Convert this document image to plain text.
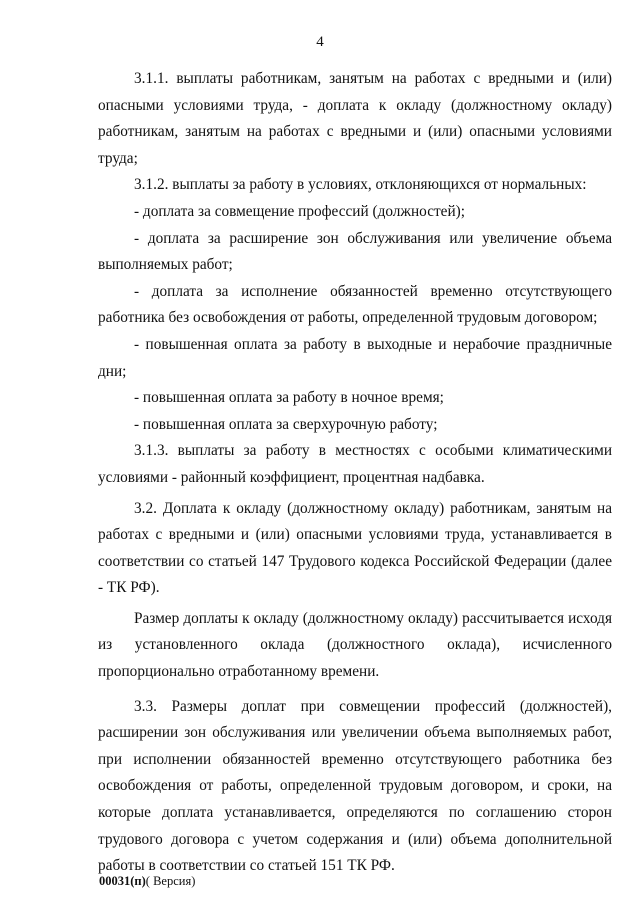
4

3.1.1. выплаты работникам, занятым на работах с вредными и (или) опасными условиями труда, - доплата к окладу (должностному окладу) работникам, занятым на работах с вредными и (или) опасными условиями труда;

3.1.2. выплаты за работу в условиях, отклоняющихся от нормальных:

- доплата за совмещение профессий (должностей);

- доплата за расширение зон обслуживания или увеличение объема выполняемых работ;

- доплата за исполнение обязанностей временно отсутствующего работника без освобождения от работы, определенной трудовым договором;

- повышенная оплата за работу в выходные и нерабочие праздничные дни;

- повышенная оплата за работу в ночное время;

- повышенная оплата за сверхурочную работу;

3.1.3. выплаты за работу в местностях с особыми климатическими условиями - районный коэффициент, процентная надбавка.

3.2. Доплата к окладу (должностному окладу) работникам, занятым на работах с вредными и (или) опасными условиями труда, устанавливается в соответствии со статьей 147 Трудового кодекса Российской Федерации (далее - ТК РФ).

Размер доплаты к окладу (должностному окладу) рассчитывается исходя из установленного оклада (должностного оклада), исчисленного пропорционально отработанному времени.

3.3. Размеры доплат при совмещении профессий (должностей), расширении зон обслуживания или увеличении объема выполняемых работ, при исполнении обязанностей временно отсутствующего работника без освобождения от работы, определенной трудовым договором, и сроки, на которые доплата устанавливается, определяются по соглашению сторон трудового договора с учетом содержания и (или) объема дополнительной работы в соответствии со статьей 151 ТК РФ.

00031(п)( Версия)
